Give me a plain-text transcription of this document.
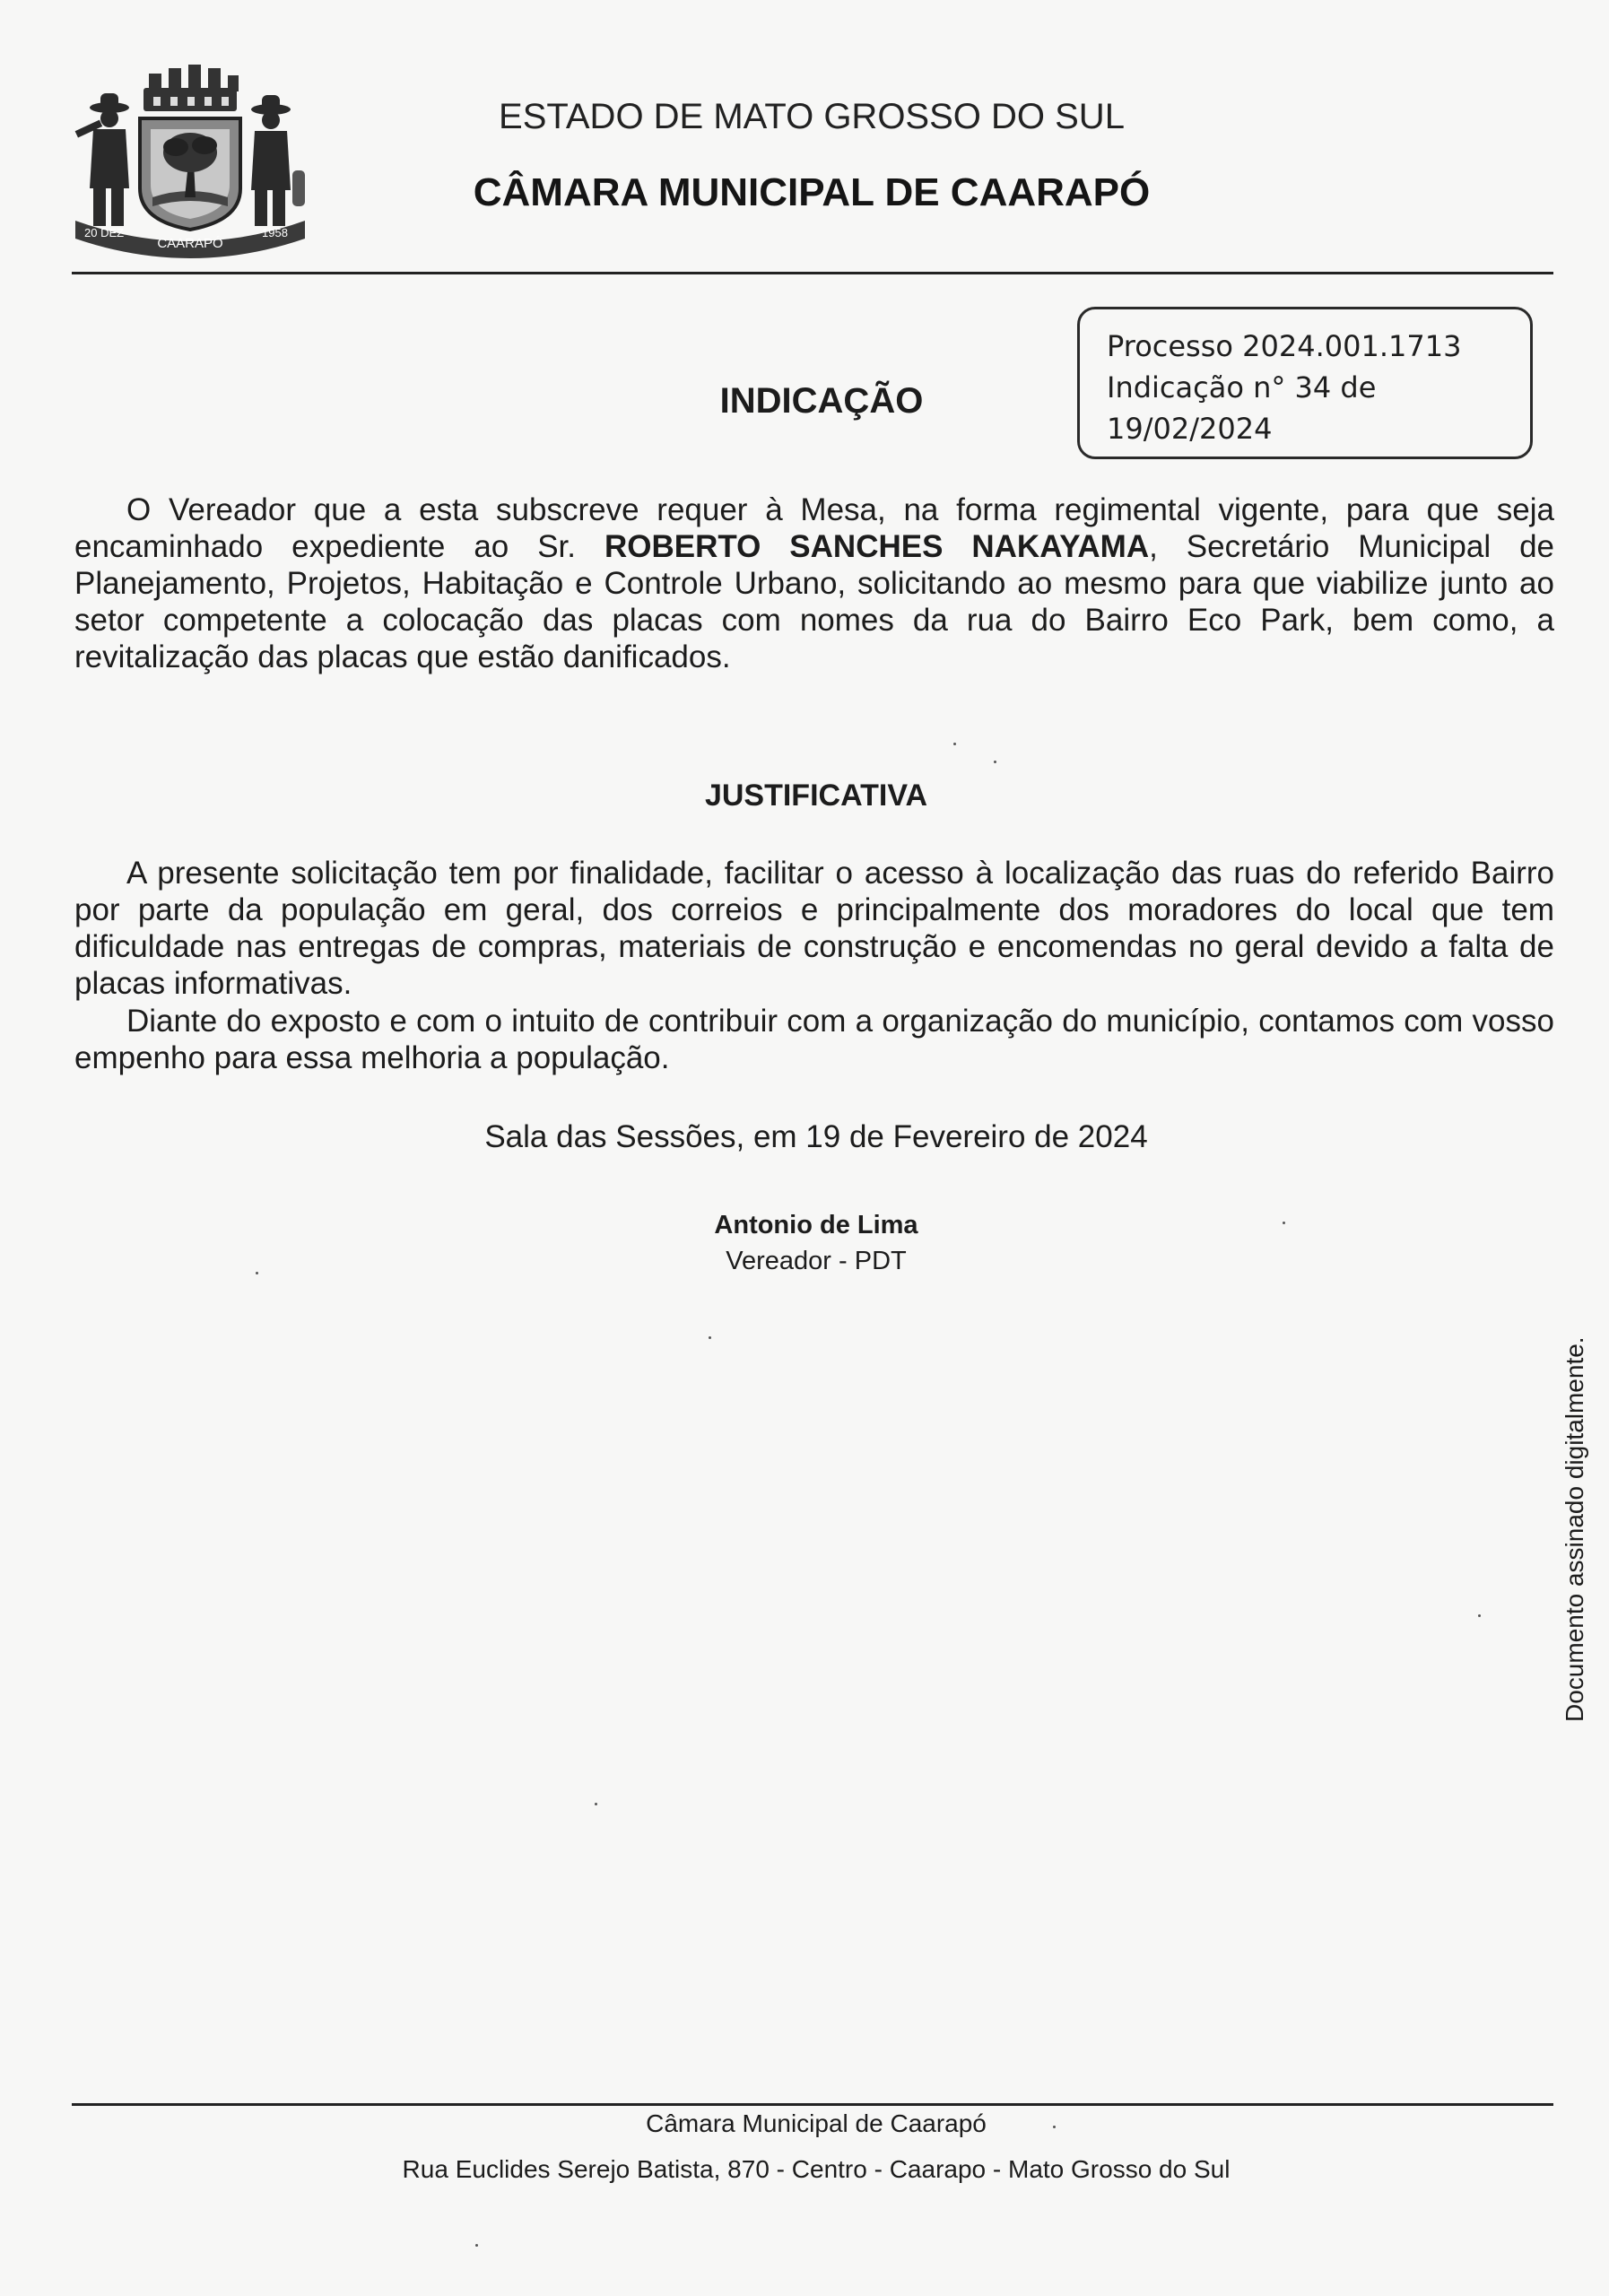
20 DEZ
CAARAPÓ
1958
ESTADO DE MATO GROSSO DO SUL
CÂMARA MUNICIPAL DE CAARAPÓ
Processo 2024.001.1713
Indicação n° 34 de
19/02/2024
INDICAÇÃO
O Vereador que a esta subscreve requer à Mesa, na forma regimental vigente, para que seja encaminhado expediente ao Sr. ROBERTO SANCHES NAKAYAMA, Secretário Municipal de Planejamento, Projetos, Habitação e Controle Urbano, solicitando ao mesmo para que viabilize junto ao setor competente a colocação das placas com nomes da rua do Bairro Eco Park, bem como, a revitalização das placas que estão danificados.
JUSTIFICATIVA
A presente solicitação tem por finalidade, facilitar o acesso à localização das ruas do referido Bairro por parte da população em geral, dos correios e principalmente dos moradores do local que tem dificuldade nas entregas de compras, materiais de construção e encomendas no geral devido a falta de placas informativas.
Diante do exposto e com o intuito de contribuir com a organização do município, contamos com vosso empenho para essa melhoria a população.
Sala das Sessões, em 19 de Fevereiro de 2024
Antonio de Lima
Vereador - PDT
Documento assinado digitalmente.
Câmara Municipal de Caarapó
Rua Euclides Serejo Batista, 870 - Centro - Caarapo - Mato Grosso do Sul
